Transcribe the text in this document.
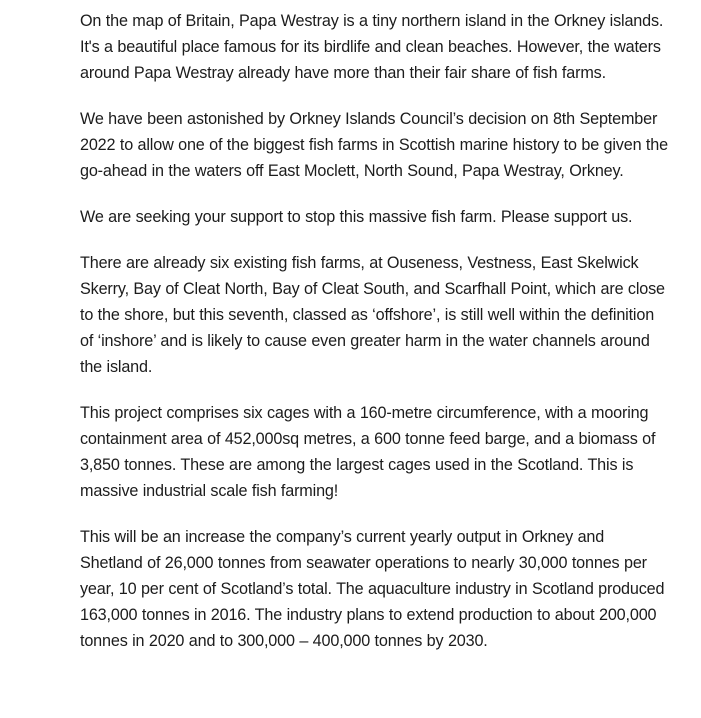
On the map of Britain, Papa Westray is a tiny northern island in the Orkney islands. It's a beautiful place famous for its birdlife and clean beaches. However, the waters around Papa Westray already have more than their fair share of fish farms.

We have been astonished by Orkney Islands Council’s decision on 8th September 2022 to allow one of the biggest fish farms in Scottish marine history to be given the go-ahead in the waters off East Moclett, North Sound, Papa Westray, Orkney.

We are seeking your support to stop this massive fish farm. Please support us.

There are already six existing fish farms, at Ouseness, Vestness, East Skelwick Skerry, Bay of Cleat North, Bay of Cleat South, and Scarfhall Point, which are close to the shore, but this seventh, classed as ‘offshore’, is still well within the definition of ‘inshore’ and is likely to cause even greater harm in the water channels around the island.

This project comprises six cages with a 160-metre circumference, with a mooring containment area of 452,000sq metres, a 600 tonne feed barge, and a biomass of 3,850 tonnes. These are among the largest cages used in the Scotland. This is massive industrial scale fish farming!

This will be an increase the company’s current yearly output in Orkney and Shetland of 26,000 tonnes from seawater operations to nearly 30,000 tonnes per year, 10 per cent of Scotland’s total. The aquaculture industry in Scotland produced 163,000 tonnes in 2016. The industry plans to extend production to about 200,000 tonnes in 2020 and to 300,000 – 400,000 tonnes by 2030.
